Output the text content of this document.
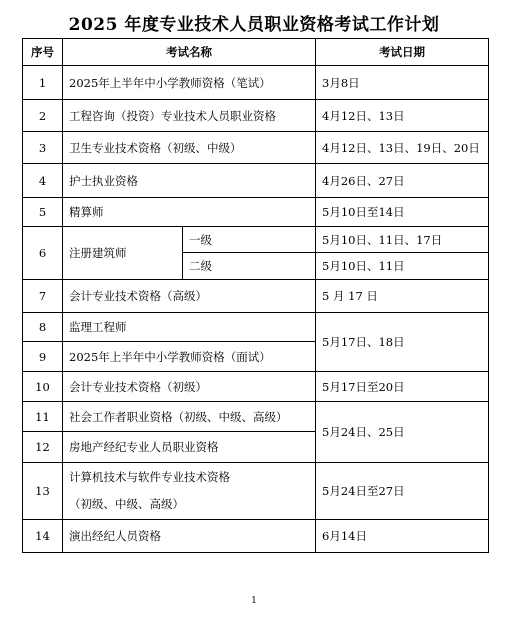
2025 年度专业技术人员职业资格考试工作计划
序号	考试名称		考试日期
1	2025年上半年中小学教师资格（笔试）		3月8日
2	工程咨询（投资）专业技术人员职业资格		4月12日、13日
3	卫生专业技术资格（初级、中级）		4月12日、13日、19日、20日
4	护士执业资格		4月26日、27日
5	精算师		5月10日至14日
6	注册建筑师	一级	5月10日、11日、17日
		二级	5月10日、11日
7	会计专业技术资格（高级）		5 月 17 日
8	监理工程师		5月17日、18日
9	2025年上半年中小学教师资格（面试）		
10	会计专业技术资格（初级）		5月17日至20日
11	社会工作者职业资格（初级、中级、高级）		5月24日、25日
12	房地产经纪专业人员职业资格		
13	计算机技术与软件专业技术资格
（初级、中级、高级）		5月24日至27日
14	演出经纪人员资格		6月14日
1
